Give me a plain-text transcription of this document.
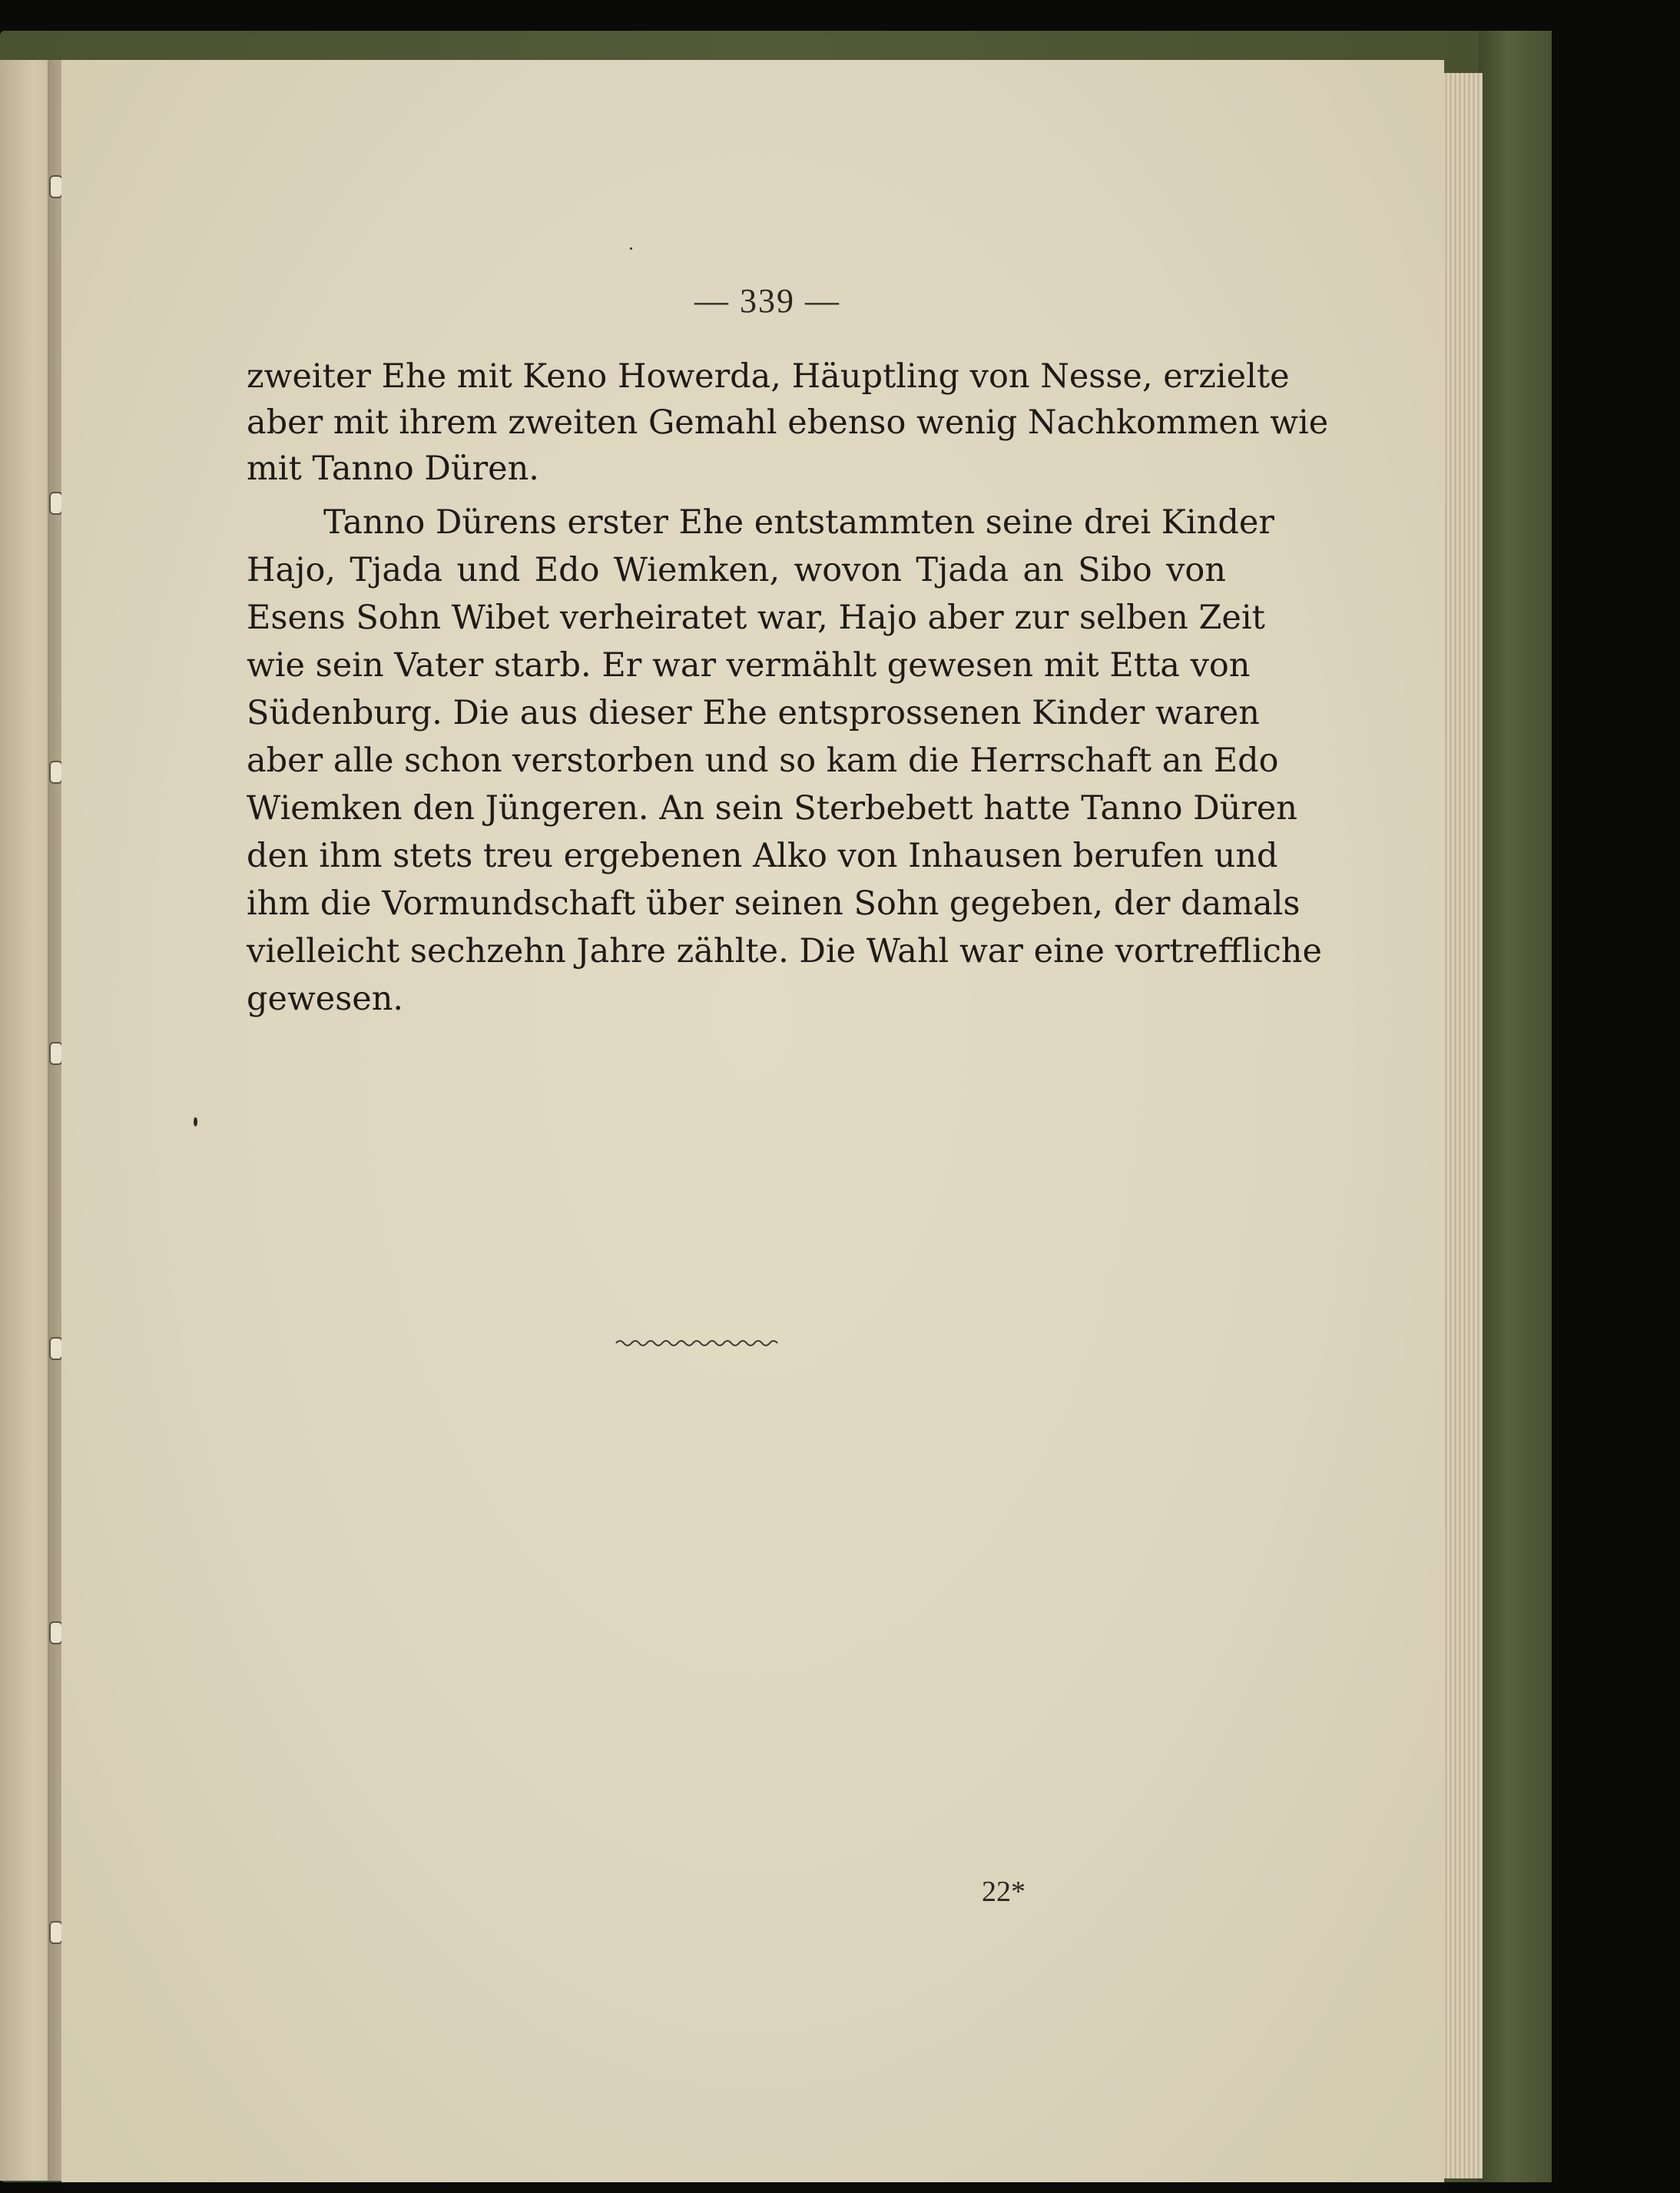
— 339 —
zweiter Ehe mit Keno Howerda, Häuptling von Nesse, erzielte
aber mit ihrem zweiten Gemahl ebenso wenig Nachkommen wie
mit Tanno Düren.
Tanno Dürens erster Ehe entstammten seine drei Kinder
Hajo, Tjada und Edo Wiemken, wovon Tjada an Sibo von
Esens Sohn Wibet verheiratet war, Hajo aber zur selben Zeit
wie sein Vater starb. Er war vermählt gewesen mit Etta von
Südenburg. Die aus dieser Ehe entsprossenen Kinder waren
aber alle schon verstorben und so kam die Herrschaft an Edo
Wiemken den Jüngeren. An sein Sterbebett hatte Tanno Düren
den ihm stets treu ergebenen Alko von Inhausen berufen und
ihm die Vormundschaft über seinen Sohn gegeben, der damals
vielleicht sechzehn Jahre zählte. Die Wahl war eine vortreffliche
gewesen.
22*
